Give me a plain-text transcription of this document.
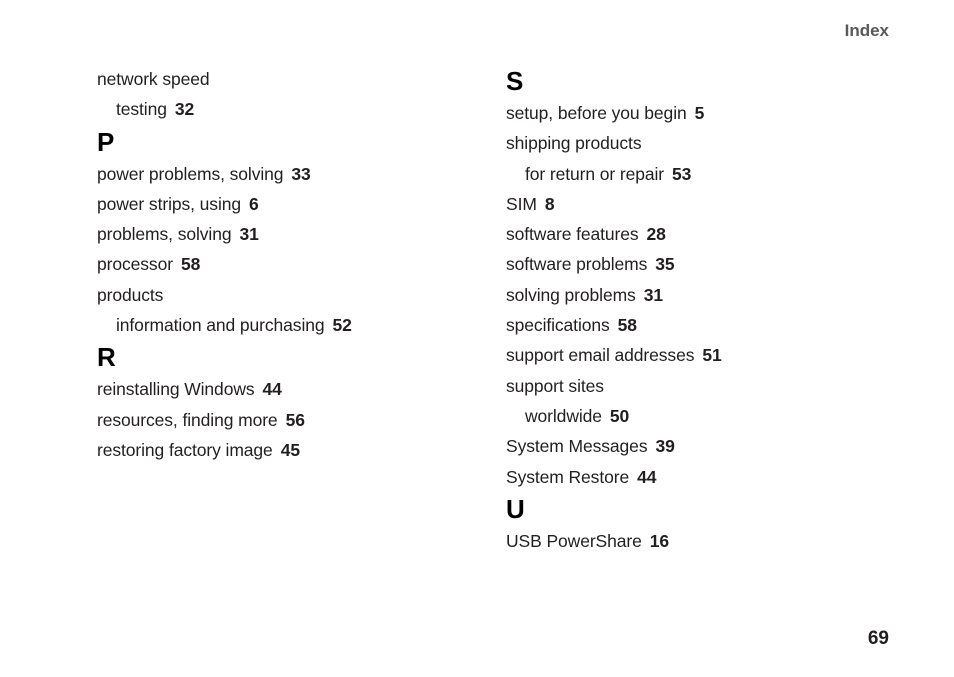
Index
network speed
testing 32
P
power problems, solving 33
power strips, using 6
problems, solving 31
processor 58
products
information and purchasing 52
R
reinstalling Windows 44
resources, finding more 56
restoring factory image 45
S
setup, before you begin 5
shipping products
for return or repair 53
SIM 8
software features 28
software problems 35
solving problems 31
specifications 58
support email addresses 51
support sites
worldwide 50
System Messages 39
System Restore 44
U
USB PowerShare 16
69
